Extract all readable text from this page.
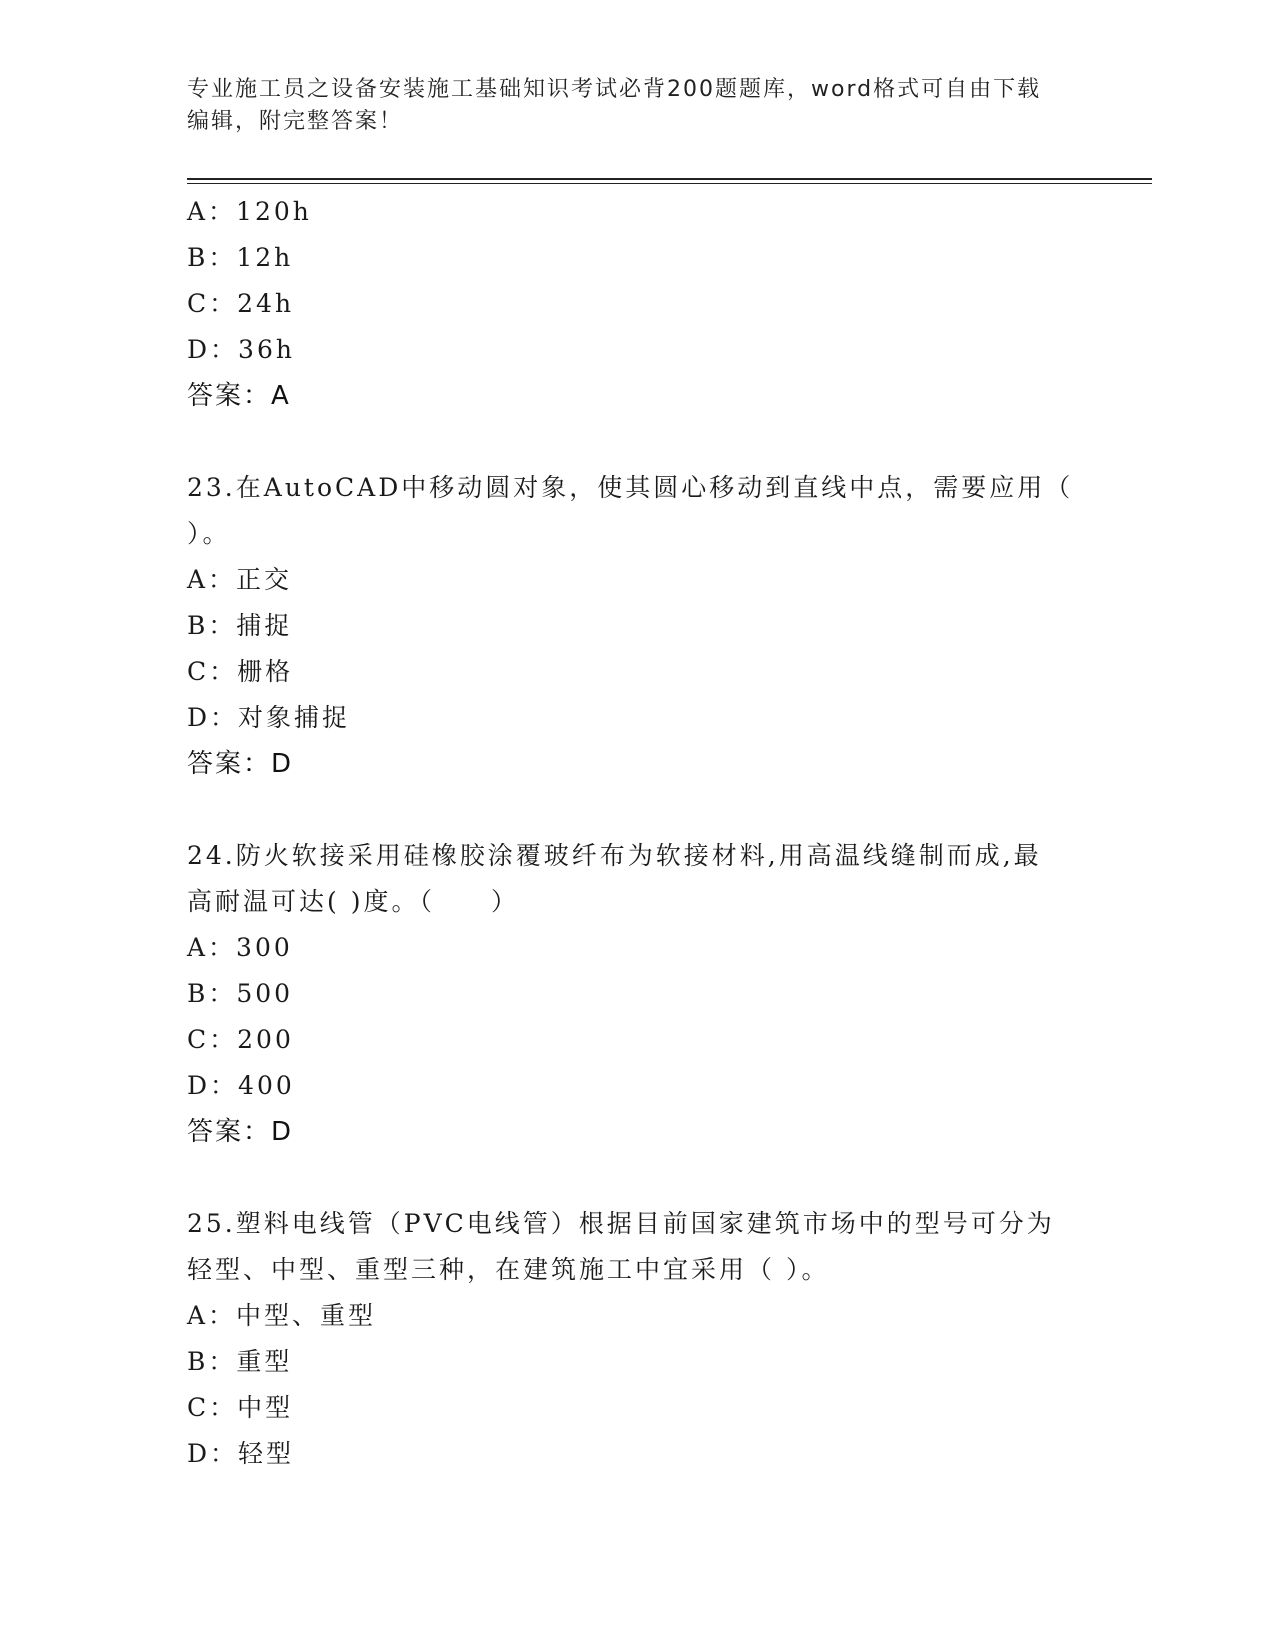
专业施工员之设备安装施工基础知识考试必背200题题库，word格式可自由下载
编辑，附完整答案！
A：120h
B：12h
C：24h
D：36h
答案：A
23.在AutoCAD中移动圆对象，使其圆心移动到直线中点，需要应用（
）。
A：正交
B：捕捉
C：栅格
D：对象捕捉
答案：D
24.防火软接采用硅橡胶涂覆玻纤布为软接材料,用高温线缝制而成,最
高耐温可达( )度。（　　）
A：300
B：500
C：200
D：400
答案：D
25.塑料电线管（PVC电线管）根据目前国家建筑市场中的型号可分为
轻型、中型、重型三种，在建筑施工中宜采用（ ）。
A：中型、重型
B：重型
C：中型
D：轻型
